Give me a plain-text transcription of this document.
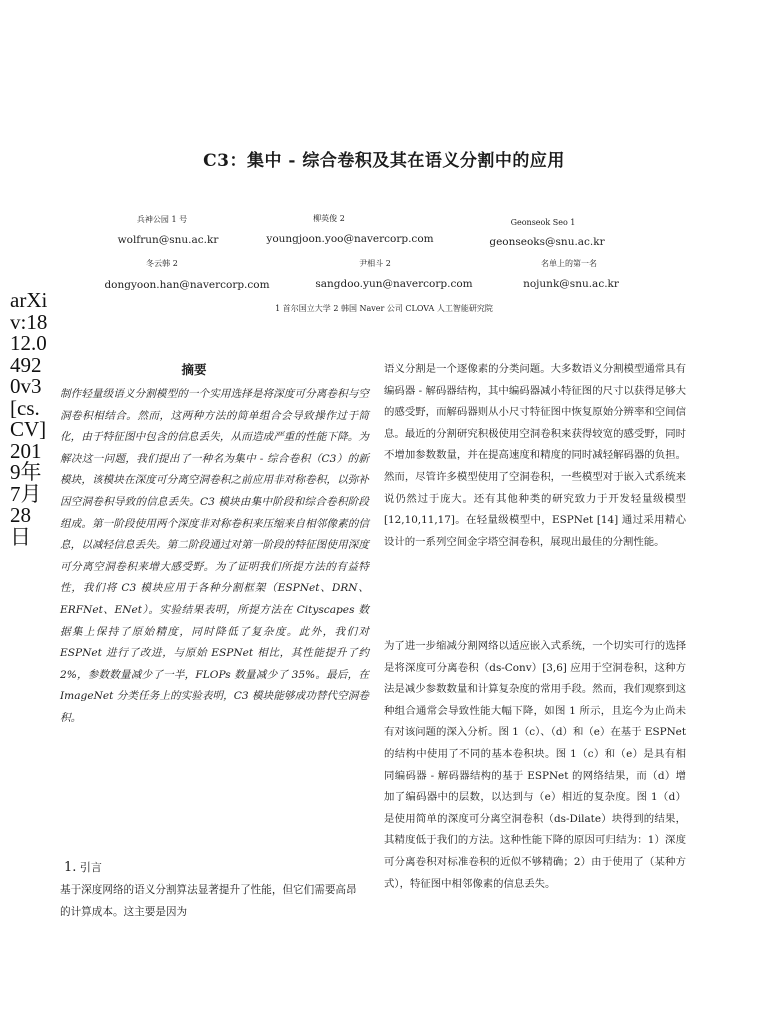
C3：集中 - 综合卷积及其在语义分割中的应用
兵神公园 1 号	柳英俊 2	Geonseok Seo 1
wolfrun@snu.ac.kr	youngjoon.yoo@navercorp.com	geonseoks@snu.ac.kr
冬云韩 2	尹相斗 2	名单上的第一名
dongyoon.han@navercorp.com	sangdoo.yun@navercorp.com	nojunk@snu.ac.kr
1 首尔国立大学 2 韩国 Naver 公司 CLOVA 人工智能研究院
arXiv:1812.04920v3[cs.CV]2019年7月28日
摘要
制作轻量级语义分割模型的一个实用选择是将深度可分离卷积与空洞卷积相结合。然而，这两种方法的简单组合会导致操作过于简化，由于特征图中包含的信息丢失，从而造成严重的性能下降。为解决这一问题，我们提出了一种名为集中 - 综合卷积（C3）的新模块，该模块在深度可分离空洞卷积之前应用非对称卷积，以弥补因空洞卷积导致的信息丢失。C3 模块由集中阶段和综合卷积阶段组成。第一阶段使用两个深度非对称卷积来压缩来自相邻像素的信息，以减轻信息丢失。第二阶段通过对第一阶段的特征图使用深度可分离空洞卷积来增大感受野。为了证明我们所提方法的有益特性，我们将 C3 模块应用于各种分割框架（ESPNet、DRN、ERFNet、ENet）。实验结果表明，所提方法在 Cityscapes 数据集上保持了原始精度，同时降低了复杂度。此外，我们对 ESPNet 进行了改进，与原始 ESPNet 相比，其性能提升了约 2%，参数数量减少了一半，FLOPs 数量减少了 35%。最后，在 ImageNet 分类任务上的实验表明，C3 模块能够成功替代空洞卷积。
1. 引言
基于深度网络的语义分割算法显著提升了性能，但它们需要高昂的计算成本。这主要是因为
语义分割是一个逐像素的分类问题。大多数语义分割模型通常具有编码器 - 解码器结构，其中编码器减小特征图的尺寸以获得足够大的感受野，而解码器则从小尺寸特征图中恢复原始分辨率和空间信息。最近的分割研究积极使用空洞卷积来获得较宽的感受野，同时不增加参数数量，并在提高速度和精度的同时减轻解码器的负担。然而，尽管许多模型使用了空洞卷积，一些模型对于嵌入式系统来说仍然过于庞大。还有其他种类的研究致力于开发轻量级模型 [12,10,11,17]。在轻量级模型中，ESPNet [14] 通过采用精心设计的一系列空间金字塔空洞卷积，展现出最佳的分割性能。
为了进一步缩减分割网络以适应嵌入式系统，一个切实可行的选择是将深度可分离卷积（ds-Conv）[3,6] 应用于空洞卷积，这种方法是减少参数数量和计算复杂度的常用手段。然而，我们观察到这种组合通常会导致性能大幅下降，如图 1 所示，且迄今为止尚未有对该问题的深入分析。图 1（c）、（d）和（e）在基于 ESPNet 的结构中使用了不同的基本卷积块。图 1（c）和（e）是具有相同编码器 - 解码器结构的基于 ESPNet 的网络结果，而（d）增加了编码器中的层数，以达到与（e）相近的复杂度。图 1（d）是使用简单的深度可分离空洞卷积（ds-Dilate）块得到的结果，其精度低于我们的方法。这种性能下降的原因可归结为：1）深度可分离卷积对标准卷积的近似不够精确；2）由于使用了（某种方式），特征图中相邻像素的信息丢失。
